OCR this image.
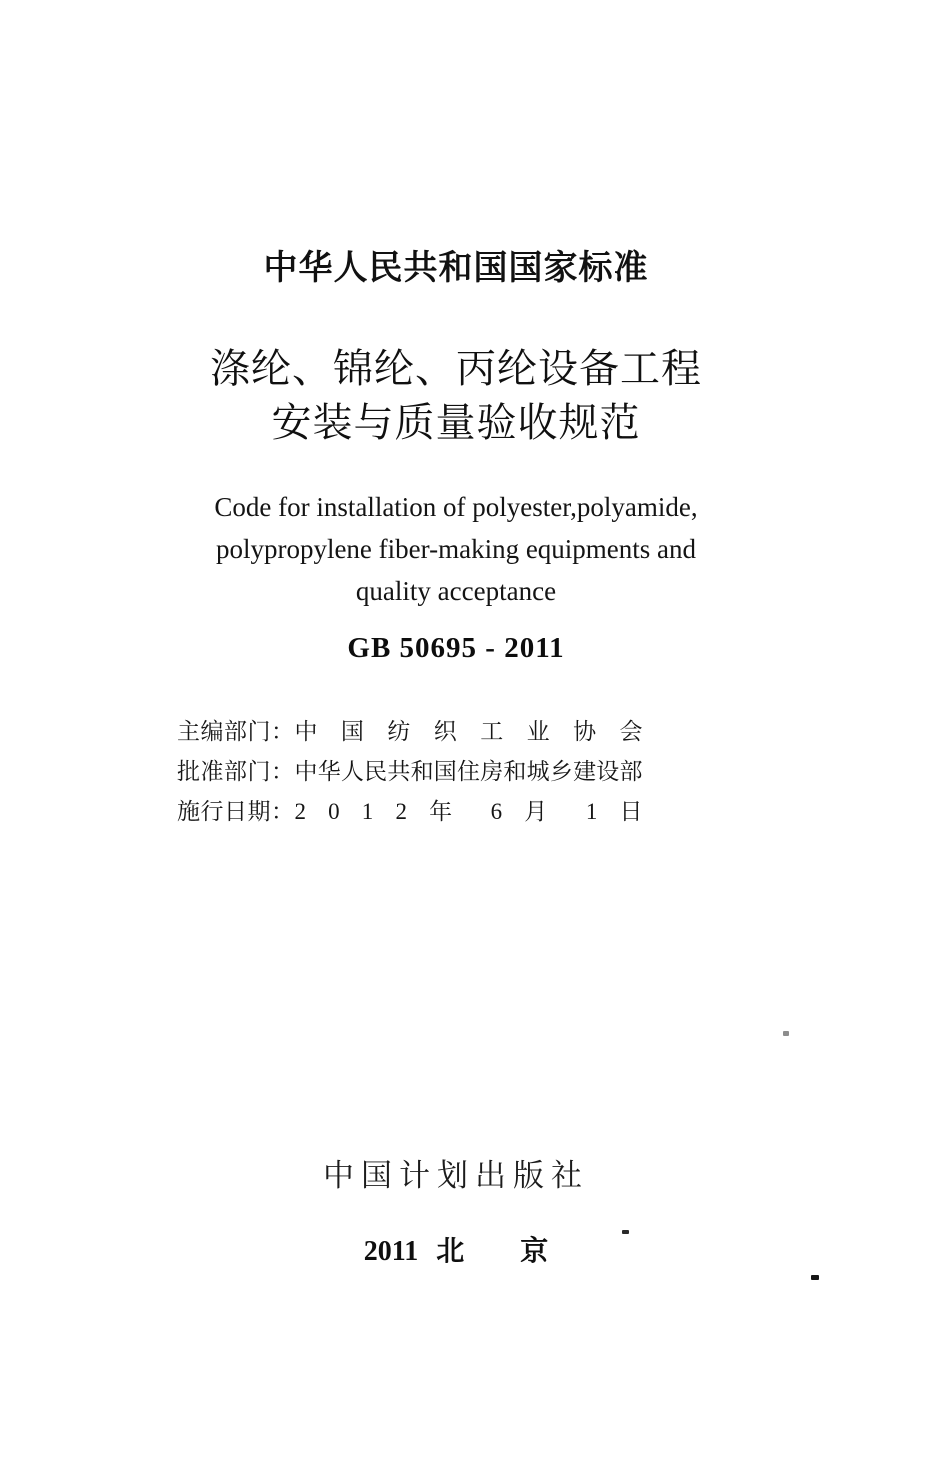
中华人民共和国国家标准
涤纶、锦纶、丙纶设备工程
安装与质量验收规范
Code for installation of polyester,polyamide,
polypropylene fiber-making equipments and
quality acceptance
GB 50695 - 2011
主编部门：中 国 纺 织 工 业 协 会
批准部门：中华人民共和国住房和城乡建设部
施行日期：2 0 1 2 年 6 月 1 日
中国计划出版社
2011 北　　京
